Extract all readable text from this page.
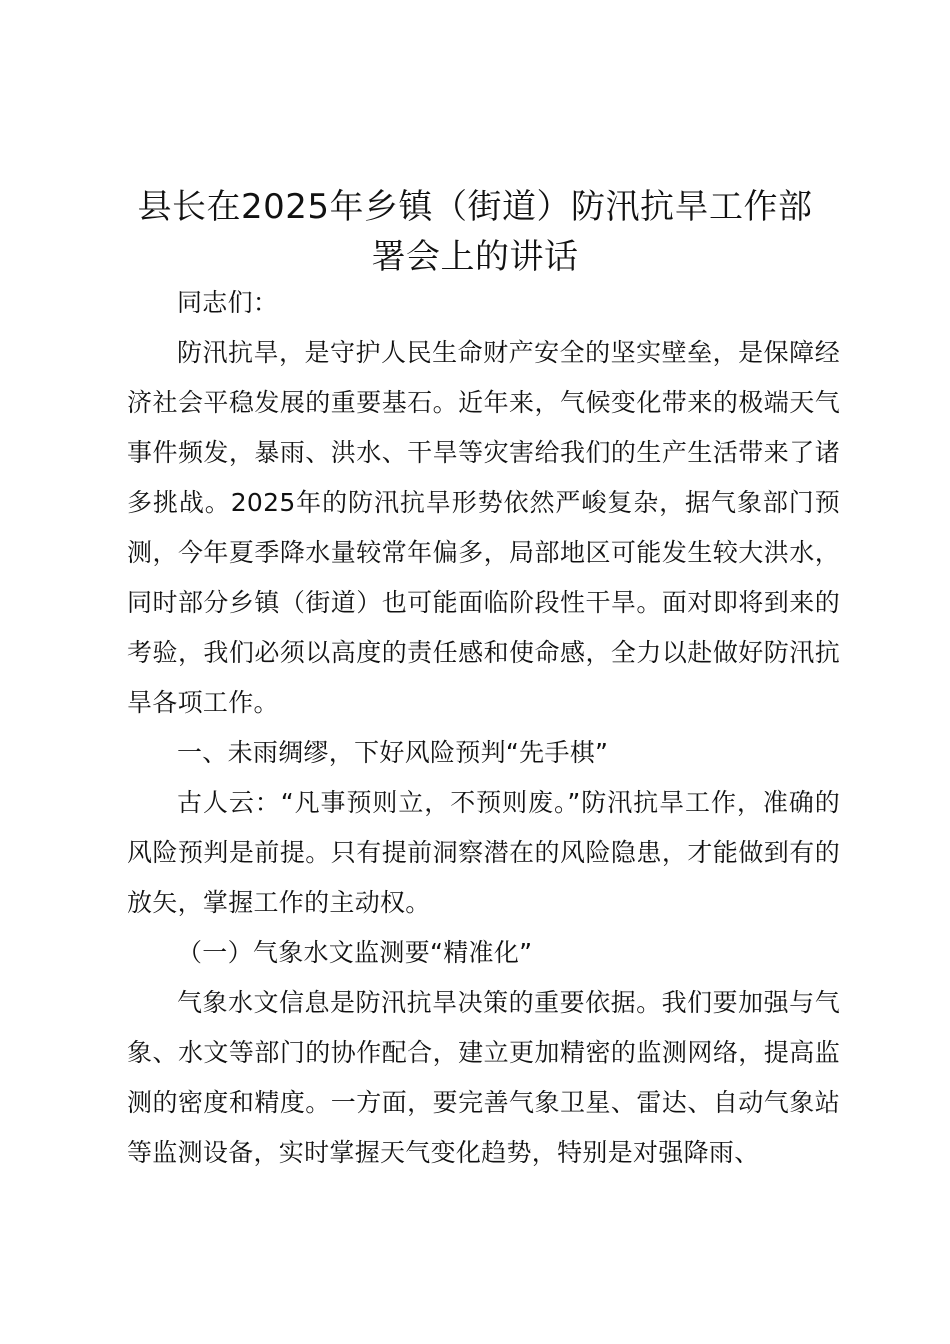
县长在2025年乡镇（街道）防汛抗旱工作部
署会上的讲话

同志们：

防汛抗旱，是守护人民生命财产安全的坚实壁垒，是保障经济社会平稳发展的重要基石。近年来，气候变化带来的极端天气事件频发，暴雨、洪水、干旱等灾害给我们的生产生活带来了诸多挑战。2025年的防汛抗旱形势依然严峻复杂，据气象部门预测，今年夏季降水量较常年偏多，局部地区可能发生较大洪水，同时部分乡镇（街道）也可能面临阶段性干旱。面对即将到来的考验，我们必须以高度的责任感和使命感，全力以赴做好防汛抗旱各项工作。

一、未雨绸缪，下好风险预判“先手棋”

古人云：“凡事预则立，不预则废。”防汛抗旱工作，准确的风险预判是前提。只有提前洞察潜在的风险隐患，才能做到有的放矢，掌握工作的主动权。

（一）气象水文监测要“精准化”

气象水文信息是防汛抗旱决策的重要依据。我们要加强与气象、水文等部门的协作配合，建立更加精密的监测网络，提高监测的密度和精度。一方面，要完善气象卫星、雷达、自动气象站等监测设备，实时掌握天气变化趋势，特别是对强降雨、
